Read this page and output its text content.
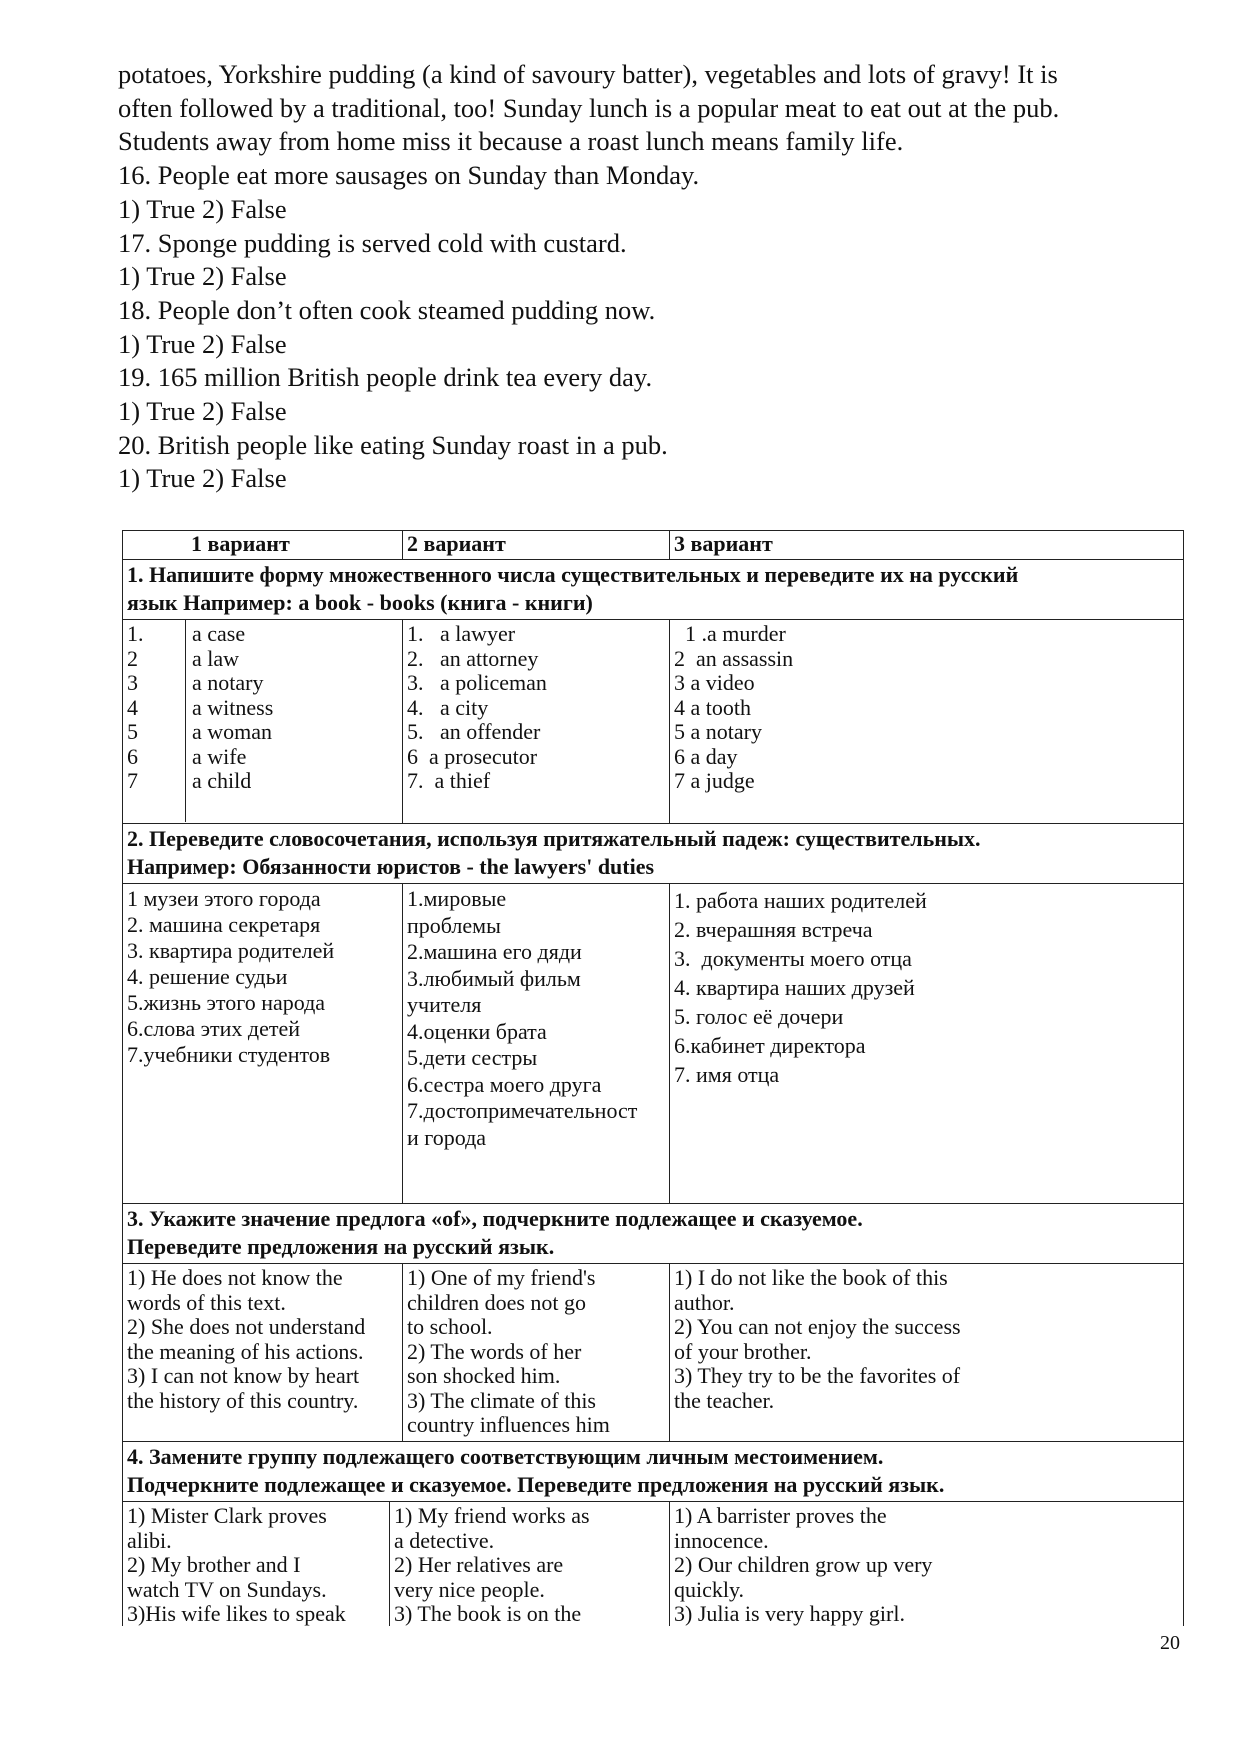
potatoes, Yorkshire pudding (a kind of savoury batter), vegetables and lots of gravy! It is
often followed by a traditional, too! Sunday lunch is a popular meat to eat out at the pub.
Students away from home miss it because a roast lunch means family life.
16. People eat more sausages on Sunday than Monday.
1) True 2) False
17. Sponge pudding is served cold with custard.
1) True 2) False
18. People don’t often cook steamed pudding now.
1) True 2) False
19. 165 million British people drink tea every day.
1) True 2) False
20. British people like eating Sunday roast in a pub.
1) True 2) False
1 вариант	2 вариант	3 вариант
1. Напишите форму множественного числа существительных и переведите их на русский
язык Например: a book - books (книга - книги)
1.
2
3
4
5
6
7
a case
a law
a notary
a witness
a woman
a wife
a child
1.   a lawyer
2.   an attorney
3.   a policeman
4.   a city
5.   an offender
6  a prosecutor
7.  a thief
1 .a murder
2  an assassin
3 a video
4 a tooth
5 a notary
6 a day
7 a judge
2. Переведите словосочетания, используя притяжательный падеж: существительных.
Например: Обязанности юристов - the lawyers' duties
1 музеи этого города
2. машина секретаря
3. квартира родителей
4. решение судьи
5.жизнь этого народа
6.слова этих детей
7.учебники студентов
1.мировые
проблемы
2.машина его дяди
3.любимый фильм
учителя
4.оценки брата
5.дети сестры
6.сестра моего друга
7.достопримечательност
и города
1. работа наших родителей
2. вчерашняя встреча
3.  документы моего отца
4. квартира наших друзей
5. голос её дочери
6.кабинет директора
7. имя отца
3. Укажите значение предлога «of», подчеркните подлежащее и сказуемое.
Переведите предложения на русский язык.
1) He does not know the
words of this text.
2) She does not understand
the meaning of his actions.
3) I can not know by heart
the history of this country.
1) One of my friend's
children does not go
to school.
2) The words of her
son shocked him.
3) The climate of this
country influences him
1) I do not like the book of this
author.
2) You can not enjoy the success
of your brother.
3) They try to be the favorites of
the teacher.
4. Замените группу подлежащего соответствующим личным местоимением.
Подчеркните подлежащее и сказуемое. Переведите предложения на русский язык.
1) Mister Clark proves
alibi.
2) My brother and I
watch TV on Sundays.
3)His wife likes to speak
1) My friend works as
a detective.
2) Her relatives are
very nice people.
3) The book is on the
1) A barrister proves the
innocence.
2) Our children grow up very
quickly.
3) Julia is very happy girl.
20
